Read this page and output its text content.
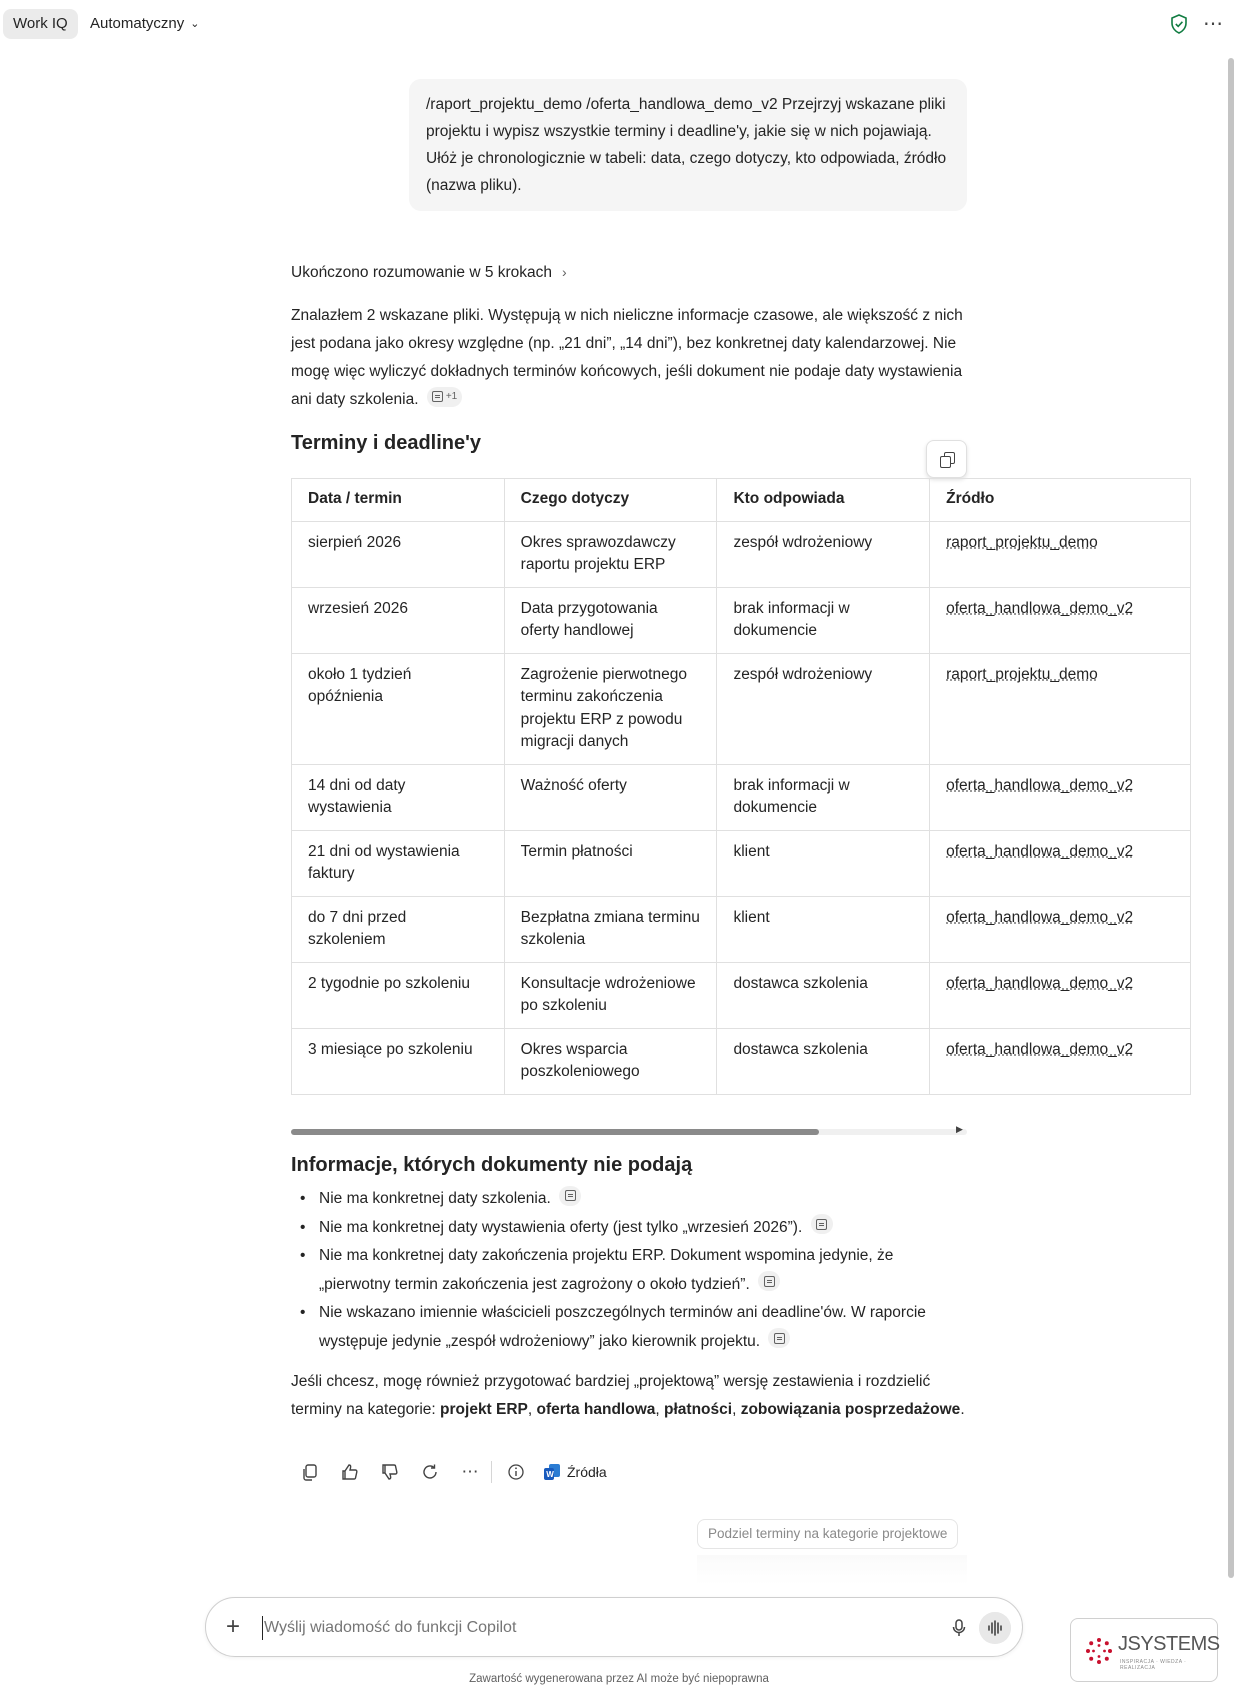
Work IQ	Automatyczny ⌄	⋯
/raport_projektu_demo /oferta_handlowa_demo_v2 Przejrzyj wskazane pliki projektu i wypisz wszystkie terminy i deadline'y, jakie się w nich pojawiają. Ułóż je chronologicznie w tabeli: data, czego dotyczy, kto odpowiada, źródło (nazwa pliku).
Ukończono rozumowanie w 5 krokach ›
Znalazłem 2 wskazane pliki. Występują w nich nieliczne informacje czasowe, ale większość z nich jest podana jako okresy względne (np. „21 dni”, „14 dni”), bez konkretnej daty kalendarzowej. Nie mogę więc wyliczyć dokładnych terminów końcowych, jeśli dokument nie podaje daty wystawienia ani daty szkolenia.	+1
Terminy i deadline'y
Data / termin	Czego dotyczy	Kto odpowiada	Źródło
sierpień 2026	Okres sprawozdawczy raportu projektu ERP	zespół wdrożeniowy	raport_projektu_demo
wrzesień 2026	Data przygotowania oferty handlowej	brak informacji w dokumencie	oferta_handlowa_demo_v2
około 1 tydzień opóźnienia	Zagrożenie pierwotnego terminu zakończenia projektu ERP z powodu migracji danych	zespół wdrożeniowy	raport_projektu_demo
14 dni od daty wystawienia	Ważność oferty	brak informacji w dokumencie	oferta_handlowa_demo_v2
21 dni od wystawienia faktury	Termin płatności	klient	oferta_handlowa_demo_v2
do 7 dni przed szkoleniem	Bezpłatna zmiana terminu szkolenia	klient	oferta_handlowa_demo_v2
2 tygodnie po szkoleniu	Konsultacje wdrożeniowe po szkoleniu	dostawca szkolenia	oferta_handlowa_demo_v2
3 miesiące po szkoleniu	Okres wsparcia poszkoleniowego	dostawca szkolenia	oferta_handlowa_demo_v2
▶
Informacje, których dokumenty nie podają
• Nie ma konkretnej daty szkolenia.
• Nie ma konkretnej daty wystawienia oferty (jest tylko „wrzesień 2026”).
• Nie ma konkretnej daty zakończenia projektu ERP. Dokument wspomina jedynie, że „pierwotny termin zakończenia jest zagrożony o około tydzień”.
• Nie wskazano imiennie właścicieli poszczególnych terminów ani deadline'ów. W raporcie występuje jedynie „zespół wdrożeniowy” jako kierownik projektu.
Jeśli chcesz, mogę również przygotować bardziej „projektową” wersję zestawienia i rozdzielić terminy na kategorie: projekt ERP, oferta handlowa, płatności, zobowiązania posprzedażowe.
⋯	W Źródła
Podziel terminy na kategorie projektowe
+
Wyślij wiadomość do funkcji Copilot
JSYSTEMS
INSPIRACJA · WIEDZA · REALIZACJA
Zawartość wygenerowana przez AI może być niepoprawna
